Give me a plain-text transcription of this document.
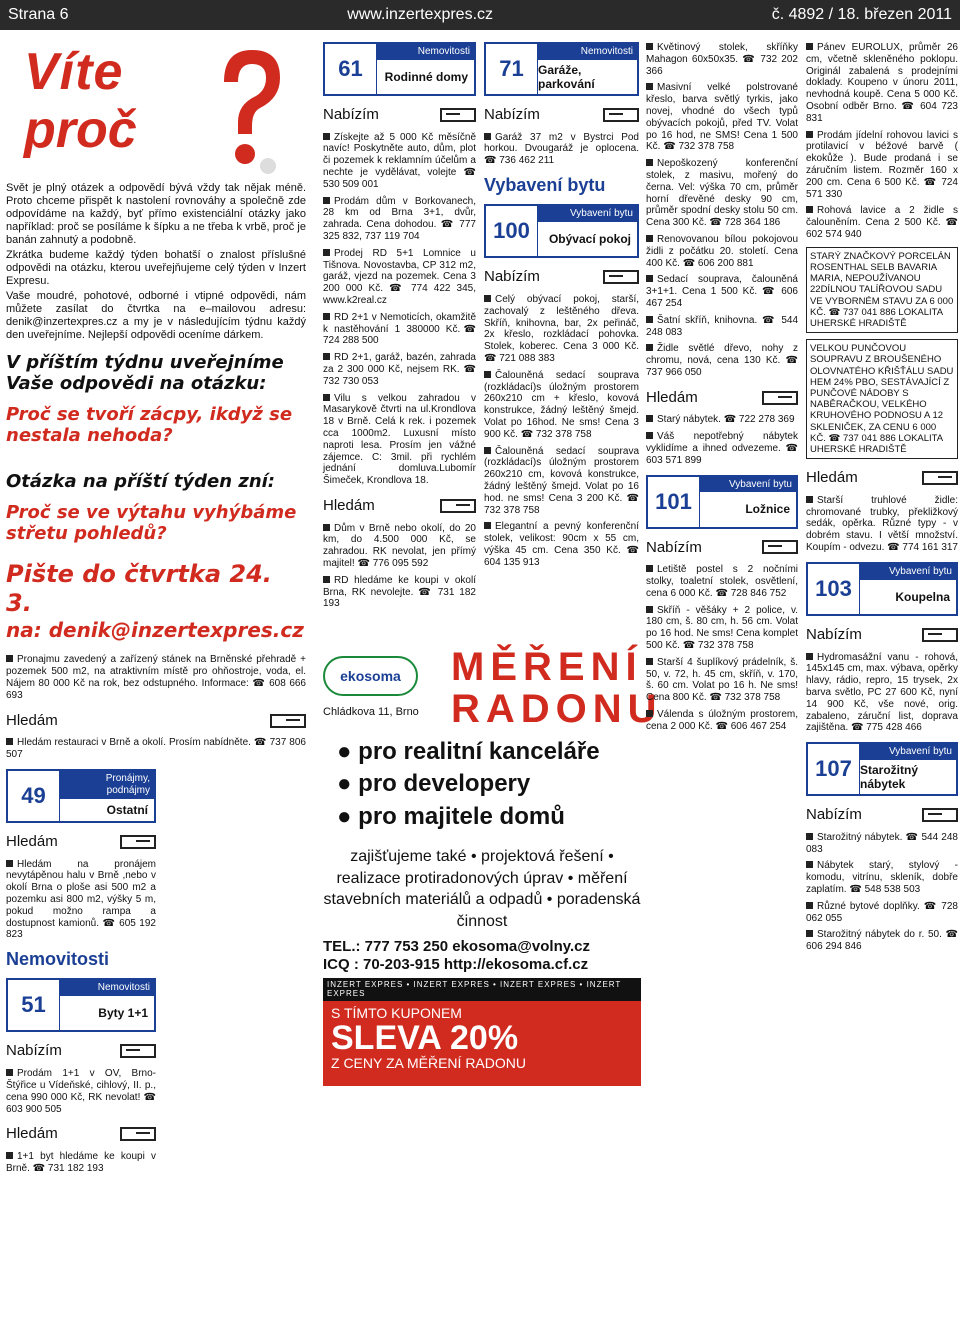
Strana 6	www.inzertexpres.cz	č. 4892 / 18. březen 2011
Víte
proč

Svět je plný otázek a odpovědí bývá vždy tak nějak méně. Proto chceme přispět k nastolení rovnováhy a společně zde odpovídáme na každý, byť přímo existenciální otázky jako například: proč se posíláme k šípku a ne třeba k vrbě, proč je banán zahnutý a podobně.

Zkrátka budeme každý týden bohatší o znalost příslušné odpovědi na otázku, kterou uveřejňujeme celý týden v Inzert Expresu.

Vaše moudré, pohotové, odborné i vtipné odpovědi, nám můžete zasílat do čtvrtka na e–mailovou adresu: denik@inzertexpres.cz a my je v následujícím týdnu každý den uveřejníme. Nejlepší odpovědi oceníme dárkem.

V příštím týdnu uveřejníme Vaše odpovědi na otázku:
Proč se tvoří zácpy, ikdyž se nestala nehoda?
Otázka na příští týden zní:
Proč se ve výtahu vyhýbáme střetu pohledů?
Pište do čtvrtka 24. 3.
na: denik@inzertexpres.cz

Pronajmu zavedený a zařízený stánek na Brněnské přehradě + pozemek 500 m2, na atraktivním místě pro ohňostroje, voda, el. Nájem 80 000 Kč na rok, bez odstupného. Informace: ☎ 608 666 693

Hledám

Hledám restauraci v Brně a okolí. Prosím nabídněte. ☎ 737 806 507

49
Pronájmy, podnájmy
Ostatní
Hledám

Hledám na pronájem nevytápěnou halu v Brně ,nebo v okolí Brna o ploše asi 500 m2 a pozemku asi 800 m2, výšky 5 m, pokud možno rampa a dostupnost kamionů. ☎ 605 192 823

Nemovitosti
51
Nemovitosti
Byty 1+1
Nabízím

Prodám 1+1 v OV, Brno-Štýřice u Vídeňské, cihlový, II. p., cena 990 000 Kč, RK nevolat! ☎ 603 900 505

Hledám

1+1 byt hledáme ke koupi v Brně. ☎ 731 182 193

61
Nemovitosti
Rodinné domy
Nabízím

Získejte až 5 000 Kč měsíčně navíc! Poskytněte auto, dům, plot či pozemek k reklamním účelům a nechte je vydělávat, volejte ☎ 530 509 001

Prodám dům v Borkovanech, 28 km od Brna 3+1, dvůr, zahrada. Cena dohodou. ☎ 777 325 832, 737 119 704

Prodej RD 5+1 Lomnice u Tišnova. Novostavba, CP 312 m2, garáž, vjezd na pozemek. Cena 3 200 000 Kč. ☎ 774 422 345, www.k2real.cz

RD 2+1 v Nemoticích, okamžitě k nastěhování 1 380000 Kč.☎ 724 288 500

RD 2+1, garáž, bazén, zahrada za 2 300 000 Kč, nejsem RK. ☎ 732 730 053

Vilu s velkou zahradou v Masarykově čtvrti na ul.Krondlova 18 v Brně. Celá k rek. i pozemek cca 1000m2. Luxusní místo naproti lesa. Prosím jen vážné zájemce. C: 3mil. při rychlém jednání domluva.Lubomír Šimeček, Krondlova 18.

Hledám

Dům v Brně nebo okolí, do 20 km, do 4.500 000 Kč, se zahradou. RK nevolat, jen přímý majitel! ☎ 776 095 592

RD hledáme ke koupi v okolí Brna, RK nevolejte. ☎ 731 182 193

71
Nemovitosti
Garáže, parkování
Nabízím

Garáž 37 m2 v Bystrci Pod horkou. Dvougaráž je oplocena. ☎ 736 462 211

Vybavení bytu
100
Vybavení bytu
Obývací pokoj
Nabízím

Celý obývací pokoj, starší, zachovalý z leštěného dřeva. Skříň, knihovna, bar, 2x peřináč, 2x křeslo, rozkládací pohovka. Stolek, koberec. Cena 3 000 Kč. ☎ 721 088 383

Čalouněná sedací souprava (rozkládací)s úložným prostorem 260x210 cm + křeslo, kovová konstrukce, žádný leštěný šmejd. Volat po 16hod. Ne sms! Cena 3 900 Kč. ☎ 732 378 758

Čalouněná sedací souprava (rozkládací)s úložným prostorem 260x210 cm, kovová konstrukce, žádný leštěný šmejd. Volat po 16 hod. ne sms! Cena 3 200 Kč. ☎ 732 378 758

Elegantní a pevný konferenční stolek, velikost: 90cm x 55 cm, výška 45 cm. Cena 350 Kč. ☎ 604 135 913

MĚŘENÍ RADONU
ekosoma
Chládkova 11, Brno
● pro realitní kanceláře
● pro developery
● pro majitele domů
zajišťujeme také • projektová řešení • realizace protiradonových úprav • měření stavebních materiálů a odpadů • poradenská činnost
TEL.: 777 753 250 ekosoma@volny.cz
ICQ : 70-203-915 http://ekosoma.cf.cz
INZERT EXPRES • INZERT EXPRES • INZERT EXPRES • INZERT EXPRES
S TÍMTO KUPONEM
SLEVA 20%
Z CENY ZA MĚŘENÍ RADONU

Květinový stolek, skříňky Mahagon 60x50x35. ☎ 732 202 366

Masivní velké polstrované křeslo, barva světlý tyrkis, jako novej, vhodné do všech typů obývacích pokojů, před TV. Volat po 16 hod, ne SMS! Cena 1 500 Kč. ☎ 732 378 758

Nepoškozený konferenční stolek, z masivu, mořený do černa. Vel: výška 70 cm, průměr horní dřevěné desky 90 cm, průměr spodní desky stolu 50 cm. Cena 300 Kč. ☎ 728 364 186

Renovovanou bílou pokojovou židli z počátku 20. století. Cena 400 Kč. ☎ 606 200 881

Sedací souprava, čalouněná 3+1+1. Cena 1 500 Kč. ☎ 606 467 254

Šatní skříň, knihovna. ☎ 544 248 083

Židle světlé dřevo, nohy z chromu, nová, cena 130 Kč. ☎ 737 966 050

Hledám

Starý nábytek. ☎ 722 278 369

Váš nepotřebný nábytek vyklidíme a ihned odvezeme. ☎ 603 571 899

101
Vybavení bytu
Ložnice
Nabízím

Letiště postel s 2 nočními stolky, toaletní stolek, osvětlení, cena 6 000 Kč. ☎ 728 846 752

Skříň - věšáky + 2 police, v. 180 cm, š. 80 cm, h. 56 cm. Volat po 16 hod. Ne sms! Cena komplet 500 Kč. ☎ 732 378 758

Starší 4 šuplíkový prádelník, š. 50, v. 72, h. 45 cm, skříň, v. 170, š. 60 cm. Volat po 16 h. Ne sms! Cena 800 Kč. ☎ 732 378 758

Válenda s úložným prostorem, cena 2 000 Kč. ☎ 606 467 254

Pánev EUROLUX, průměr 26 cm, včetně skleněného poklopu. Originál zabalená s prodejními doklady. Koupeno v únoru 2011, nevhodná koupě. Cena 5 000 Kč. Osobní odběr Brno. ☎ 604 723 831

Prodám jídelní rohovou lavici s protilavicí v béžové barvě ( ekokůže ). Bude prodaná i se záručním listem. Rozměr 160 x 200 cm. Cena 6 500 Kč. ☎ 724 571 330

Rohová lavice a 2 židle s čalouněním. Cena 2 500 Kč. ☎ 602 574 940

STARÝ ZNAČKOVÝ PORCELÁN ROSENTHAL SELB BAVARIA MARIA, NEPOUŽÍVANOU 22DÍLNOU TALÍŘOVOU SADU VE VYBORNÉM STAVU ZA 6 000 KČ. ☎ 737 041 886 LOKALITA UHERSKÉ HRADIŠTĚ
VELKOU PUNČOVOU SOUPRAVU Z BROUŠENÉHO OLOVNATÉHO KŘIŠŤÁLU SADU HEM 24% PBO, SESTÁVAJÍCÍ Z PUNČOVÉ NÁDOBY S NABĚRAČKOU, VELKÉHO KRUHOVÉHO PODNOSU A 12 SKLENIČEK, ZA CENU 6 000 KČ. ☎ 737 041 886 LOKALITA UHERSKÉ HRADIŠTĚ
Hledám

Starší truhlové židle: chromované trubky, překližkový sedák, opěrka. Různé typy - v dobrém stavu. I větší množství. Koupím - odvezu. ☎ 774 161 317

103
Vybavení bytu
Koupelna
Nabízím

Hydromasážní vanu - rohová, 145x145 cm, max. výbava, opěrky hlavy, rádio, repro, 15 trysek, 2x barva světlo, PC 27 600 Kč, nyní 14 900 Kč, vše nové, orig. zabaleno, záruční list, doprava zajištěna. ☎ 775 428 466

107
Vybavení bytu
Starožitný nábytek
Nabízím

Starožitný nábytek. ☎ 544 248 083

Nábytek starý, stylový - komodu, vitrínu, skleník, dobře zaplatím. ☎ 548 538 503

Různé bytové doplňky. ☎ 728 062 055

Starožitný nábytek do r. 50. ☎ 606 294 846
